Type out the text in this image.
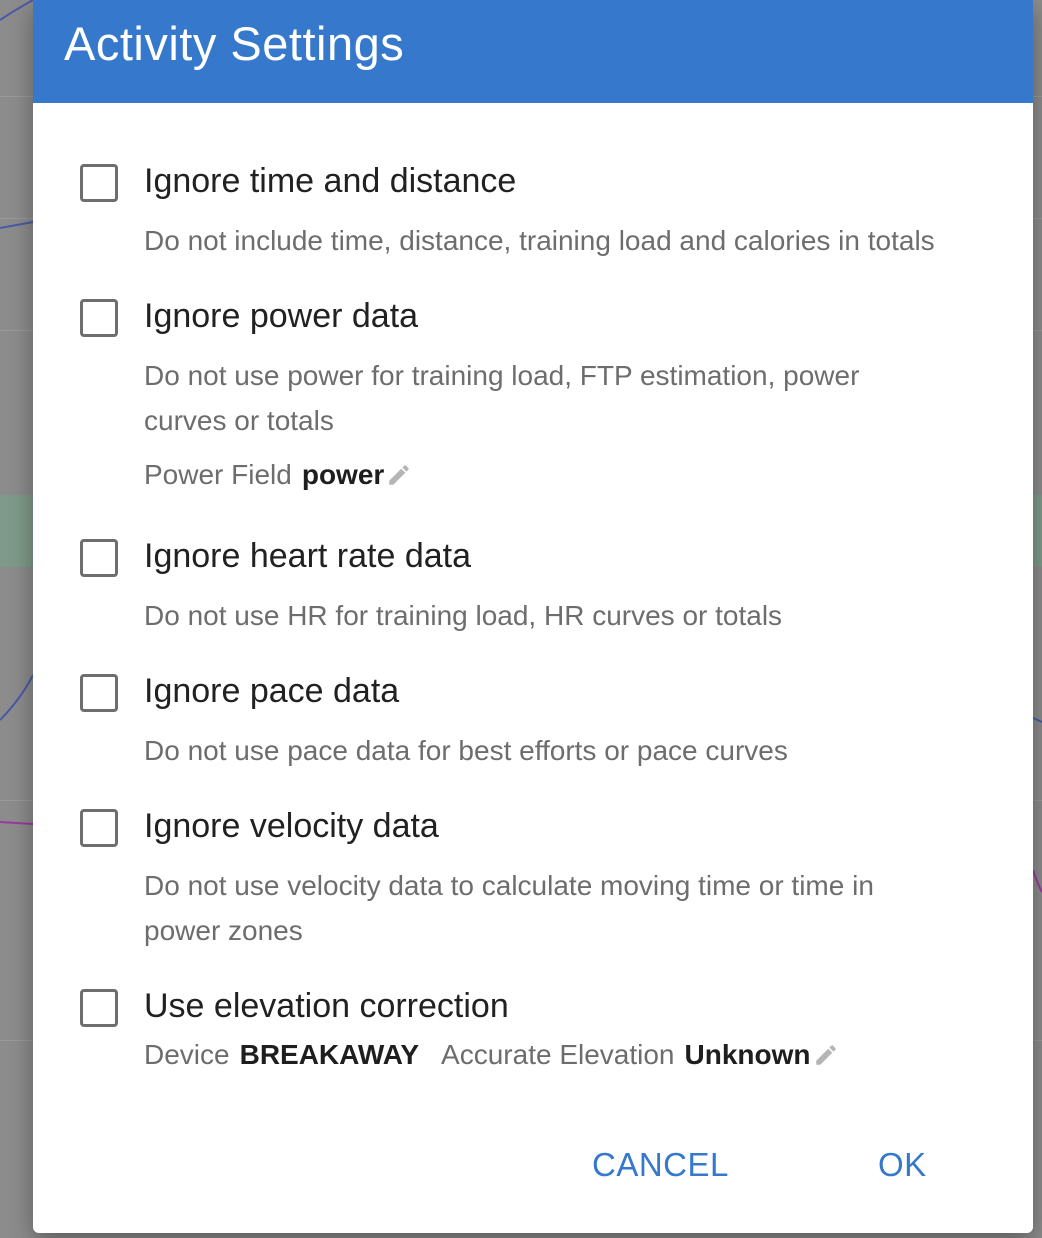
Activity Settings
Ignore time and distance
Do not include time, distance, training load and calories in totals
Ignore power data
Do not use power for training load, FTP estimation, power curves or totals
Power Field power
Ignore heart rate data
Do not use HR for training load, HR curves or totals
Ignore pace data
Do not use pace data for best efforts or pace curves
Ignore velocity data
Do not use velocity data to calculate moving time or time in power zones
Use elevation correction
Device BREAKAWAY Accurate Elevation Unknown
CANCEL	OK
